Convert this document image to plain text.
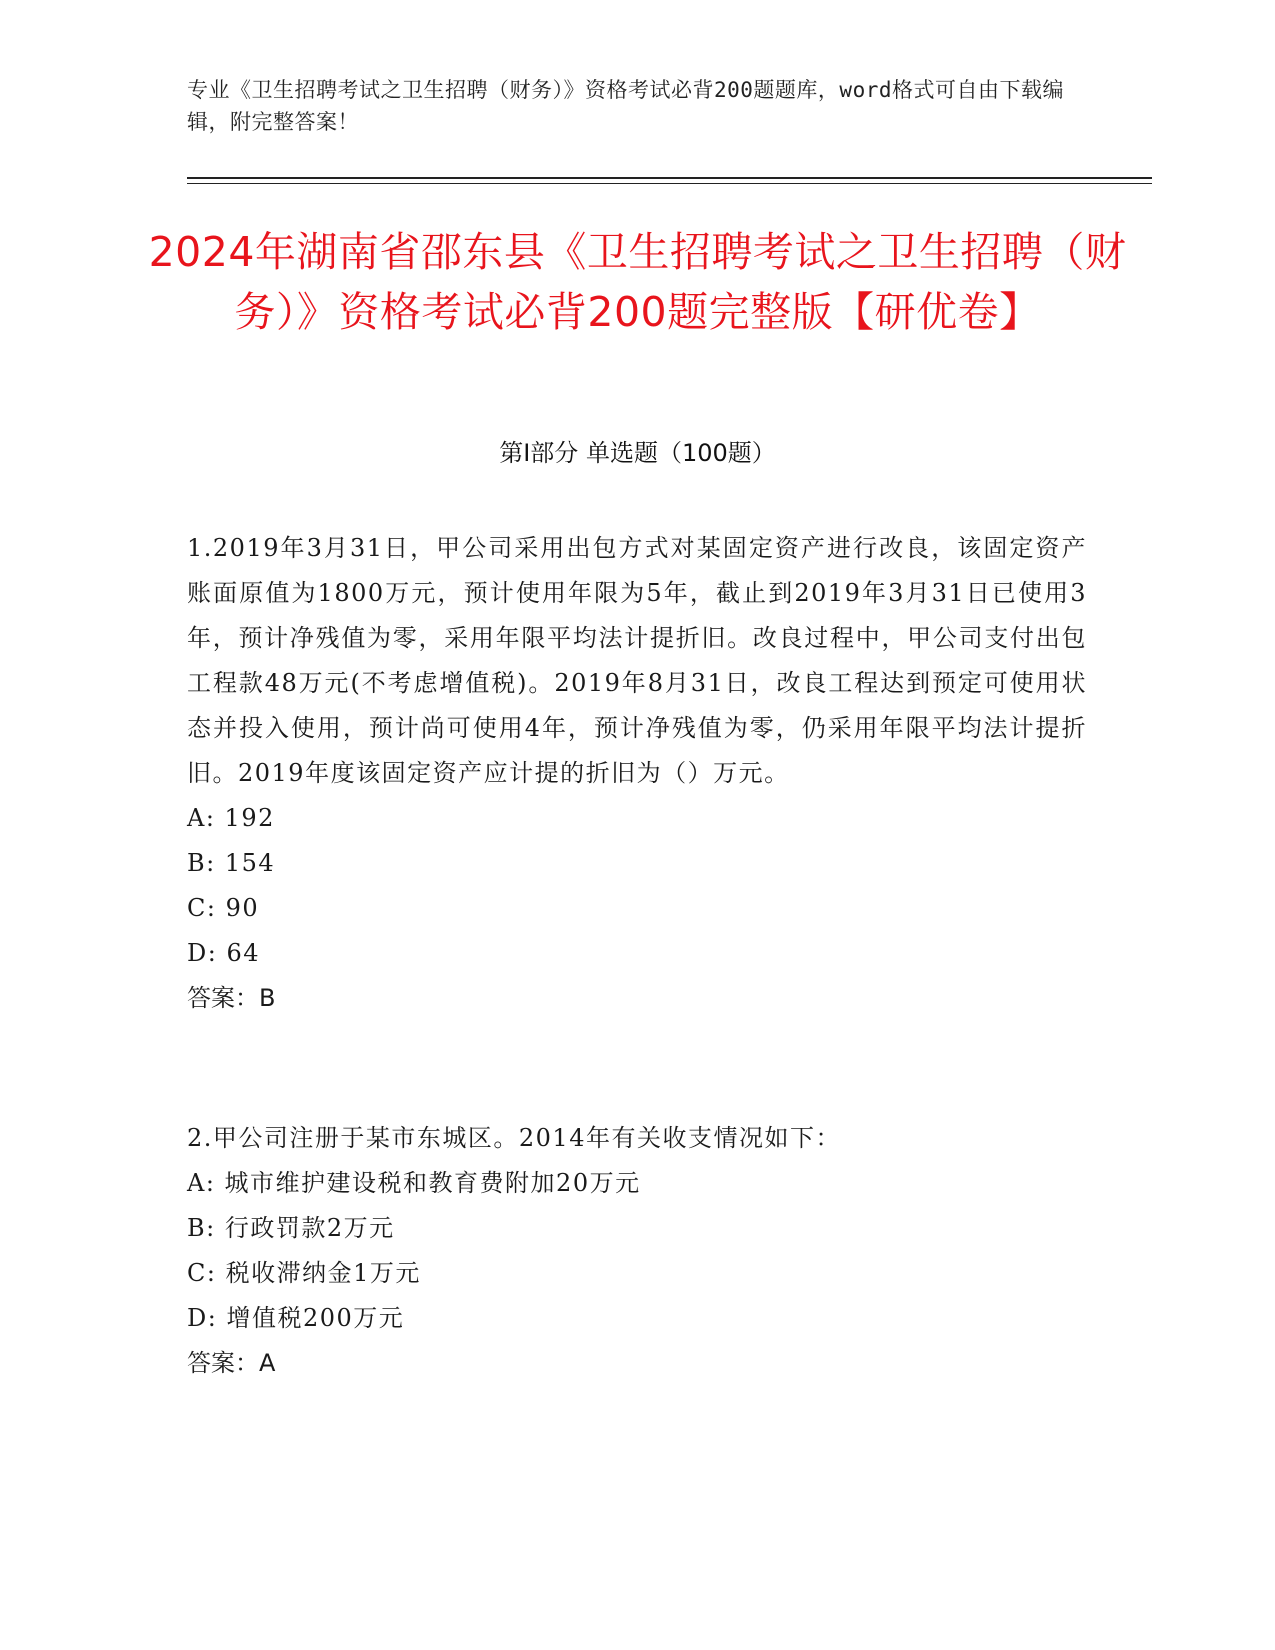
专业《卫生招聘考试之卫生招聘（财务）》资格考试必背200题题库，word格式可自由下载编辑，附完整答案！
2024年湖南省邵东县《卫生招聘考试之卫生招聘（财务）》资格考试必背200题完整版【研优卷】
第I部分 单选题（100题）
1.2019年3月31日，甲公司采用出包方式对某固定资产进行改良，该固定资产账面原值为1800万元，预计使用年限为5年，截止到2019年3月31日已使用3年，预计净残值为零，采用年限平均法计提折旧。改良过程中，甲公司支付出包工程款48万元(不考虑增值税)。2019年8月31日，改良工程达到预定可使用状态并投入使用，预计尚可使用4年，预计净残值为零，仍采用年限平均法计提折旧。2019年度该固定资产应计提的折旧为（）万元。
A: 192
B: 154
C: 90
D: 64
答案：B
2.甲公司注册于某市东城区。2014年有关收支情况如下：
A: 城市维护建设税和教育费附加20万元
B: 行政罚款2万元
C: 税收滞纳金1万元
D: 增值税200万元
答案：A
